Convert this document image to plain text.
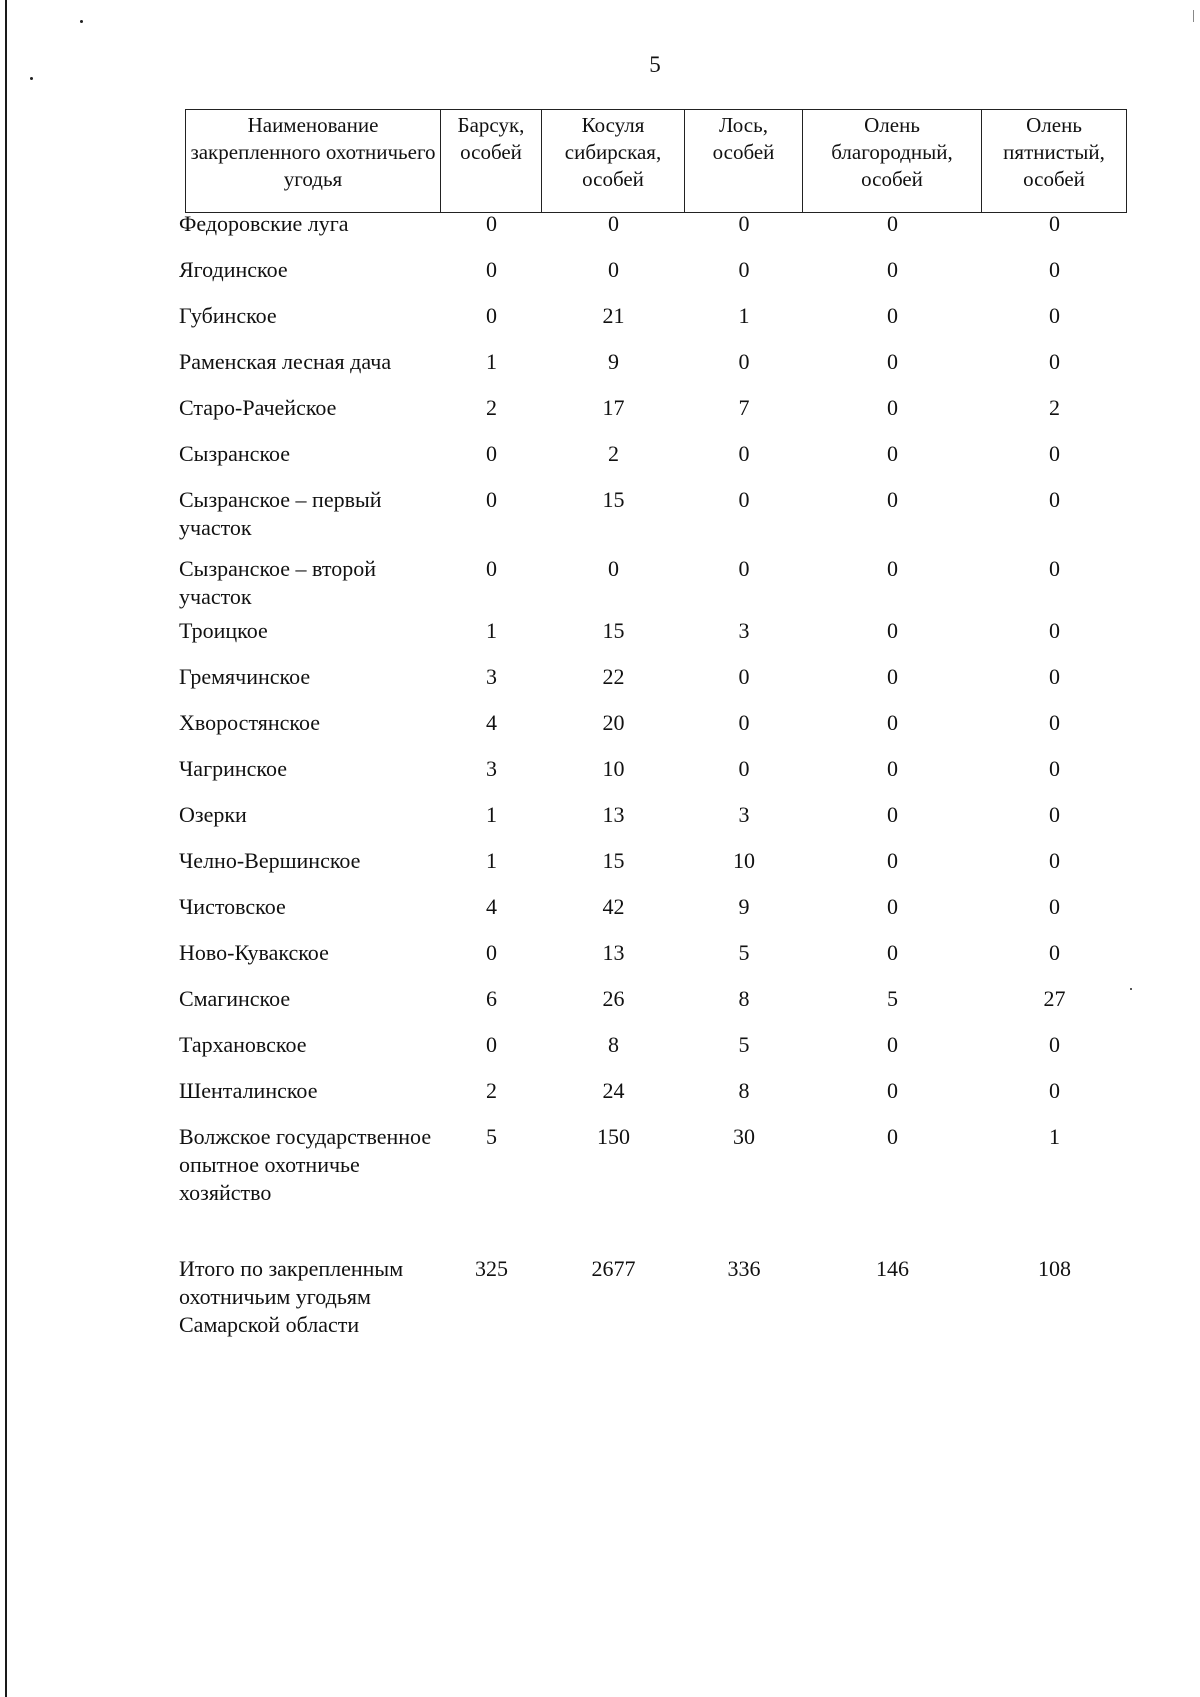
5
Наименование закрепленного охотничьего угодья	Барсук, особей	Косуля сибирская, особей	Лось, особей	Олень благородный, особей	Олень пятнистый, особей
Федоровские луга	0	0	0	0	0
Ягодинское	0	0	0	0	0
Губинское	0	21	1	0	0
Раменская лесная дача	1	9	0	0	0
Старо-Рачейское	2	17	7	0	2
Сызранское	0	2	0	0	0
Сызранское – первый участок	0	15	0	0	0
Сызранское – второй участок	0	0	0	0	0
Троицкое	1	15	3	0	0
Гремячинское	3	22	0	0	0
Хворостянское	4	20	0	0	0
Чагринское	3	10	0	0	0
Озерки	1	13	3	0	0
Челно-Вершинское	1	15	10	0	0
Чистовское	4	42	9	0	0
Ново-Кувакское	0	13	5	0	0
Смагинское	6	26	8	5	27
Тархановское	0	8	5	0	0
Шенталинское	2	24	8	0	0
Волжское государственное опытное охотничье хозяйство	5	150	30	0	1
Итого по закрепленным охотничьим угодьям Самарской области	325	2677	336	146	108
